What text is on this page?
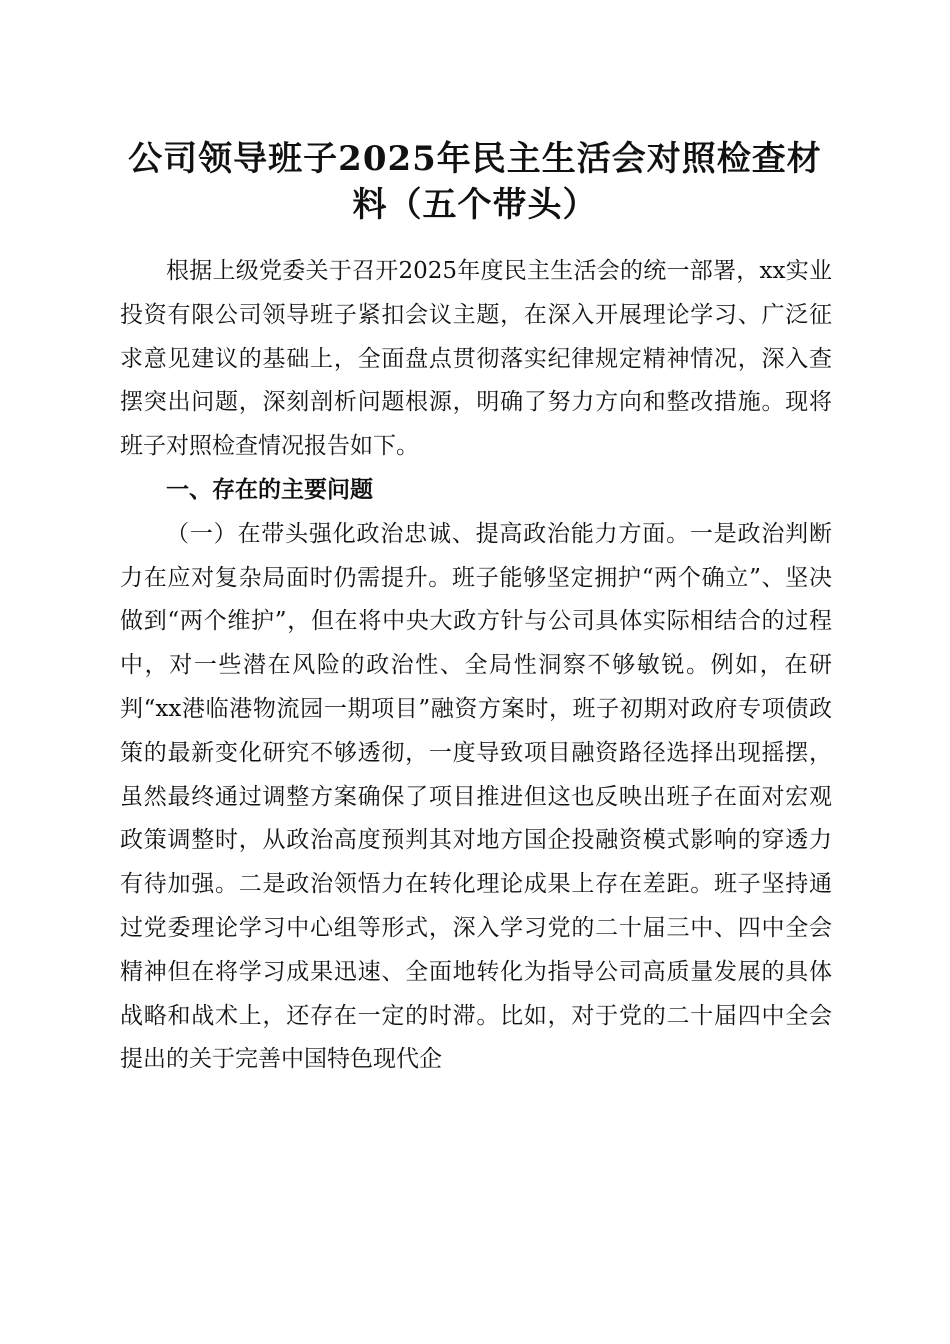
公司领导班子2025年民主生活会对照检查材
料（五个带头）

根据上级党委关于召开2025年度民主生活会的统一部署，xx实业投资有限公司领导班子紧扣会议主题，在深入开展理论学习、广泛征求意见建议的基础上，全面盘点贯彻落实纪律规定精神情况，深入查摆突出问题，深刻剖析问题根源，明确了努力方向和整改措施。现将班子对照检查情况报告如下。

一、存在的主要问题

（一）在带头强化政治忠诚、提高政治能力方面。一是政治判断力在应对复杂局面时仍需提升。班子能够坚定拥护“两个确立”、坚决做到“两个维护”，但在将中央大政方针与公司具体实际相结合的过程中，对一些潜在风险的政治性、全局性洞察不够敏锐。例如，在研判“xx港临港物流园一期项目”融资方案时，班子初期对政府专项债政策的最新变化研究不够透彻，一度导致项目融资路径选择出现摇摆，虽然最终通过调整方案确保了项目推进但这也反映出班子在面对宏观政策调整时，从政治高度预判其对地方国企投融资模式影响的穿透力有待加强。二是政治领悟力在转化理论成果上存在差距。班子坚持通过党委理论学习中心组等形式，深入学习党的二十届三中、四中全会精神但在将学习成果迅速、全面地转化为指导公司高质量发展的具体战略和战术上，还存在一定的时滞。比如，对于党的二十届四中全会提出的关于完善中国特色现代企
